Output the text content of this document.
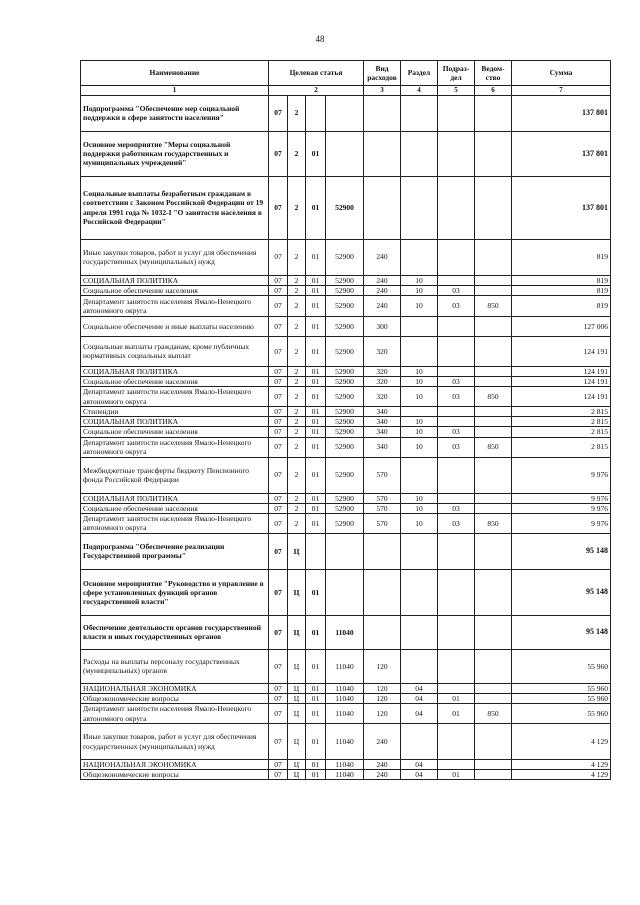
48
Наименование	Целевая статья				Вид расходов	Раздел	Подраз-дел	Ведом-ство	Сумма
1	2				3	4	5	6	7
Подпрограмма "Обеспечение мер социальной поддержки в сфере занятости населения"	07	2							137 801
Основное мероприятие "Меры социальной поддержки работникам государственных и муниципальных учреждений"	07	2	01						137 801
Социальные выплаты безработным гражданам в соответствии с Законом Российской Федерации от 19 апреля 1991 года № 1032-I "О занятости населения в Российской Федерации"	07	2	01	52900					137 801
Иные закупки товаров, работ и услуг для обеспечения государственных (муниципальных) нужд	07	2	01	52900	240				819
СОЦИАЛЬНАЯ ПОЛИТИКА	07	2	01	52900	240	10			819
Социальное обеспечение населения	07	2	01	52900	240	10	03		819
Департамент занятости населения Ямало-Ненецкого автономного округа	07	2	01	52900	240	10	03	850	819
Социальное обеспечение и иные выплаты населению	07	2	01	52900	300				127 006
Социальные выплаты гражданам, кроме публичных нормативных социальных выплат	07	2	01	52900	320				124 191
СОЦИАЛЬНАЯ ПОЛИТИКА	07	2	01	52900	320	10			124 191
Социальное обеспечение населения	07	2	01	52900	320	10	03		124 191
Департамент занятости населения Ямало-Ненецкого автономного округа	07	2	01	52900	320	10	03	850	124 191
Стипендии	07	2	01	52900	340				2 815
СОЦИАЛЬНАЯ ПОЛИТИКА	07	2	01	52900	340	10			2 815
Социальное обеспечение населения	07	2	01	52900	340	10	03		2 815
Департамент занятости населения Ямало-Ненецкого автономного округа	07	2	01	52900	340	10	03	850	2 815
Межбюджетные трансферты бюджету Пенсионного фонда Российской Федерации	07	2	01	52900	570				9 976
СОЦИАЛЬНАЯ ПОЛИТИКА	07	2	01	52900	570	10			9 976
Социальное обеспечение населения	07	2	01	52900	570	10	03		9 976
Департамент занятости населения Ямало-Ненецкого автономного округа	07	2	01	52900	570	10	03	850	9 976
Подпрограмма "Обеспечение реализации Государственной программы"	07	Ц							95 148
Основное мероприятие "Руководство и управление в сфере установленных функций органов государственной власти"	07	Ц	01						95 148
Обеспечение деятельности органов государственной власти и иных государственных органов	07	Ц	01	11040					95 148
Расходы на выплаты персоналу государственных (муниципальных) органов	07	Ц	01	11040	120				55 960
НАЦИОНАЛЬНАЯ ЭКОНОМИКА	07	Ц	01	11040	120	04			55 960
Общеэкономические вопросы	07	Ц	01	11040	120	04	01		55 960
Департамент занятости населения Ямало-Ненецкого автономного округа	07	Ц	01	11040	120	04	01	850	55 960
Иные закупки товаров, работ и услуг для обеспечения государственных (муниципальных) нужд	07	Ц	01	11040	240				4 129
НАЦИОНАЛЬНАЯ ЭКОНОМИКА	07	Ц	01	11040	240	04			4 129
Общеэкономические вопросы	07	Ц	01	11040	240	04	01		4 129
